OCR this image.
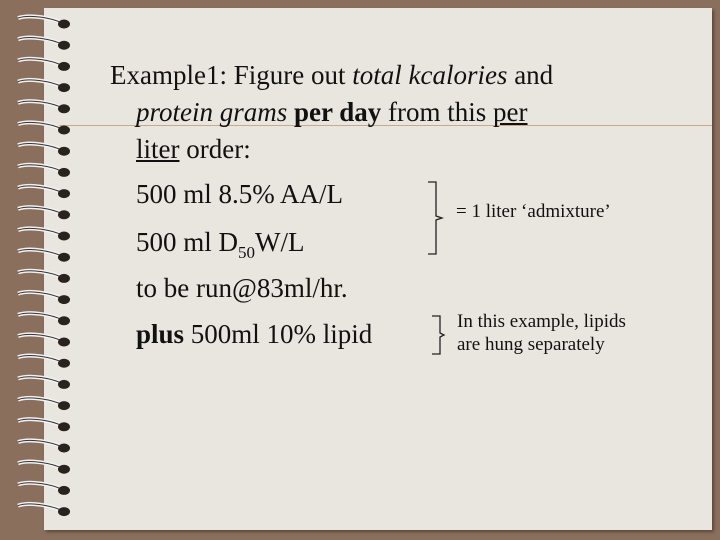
Example1: Figure out total kcalories and
protein grams per day from this per
liter order:
500 ml 8.5% AA/L
500 ml $D_{50}W/L$
to be run@83ml/hr.
plus 500ml 10% lipid
= 1 liter ‘admixture’
In this example, lipids
are hung separately
